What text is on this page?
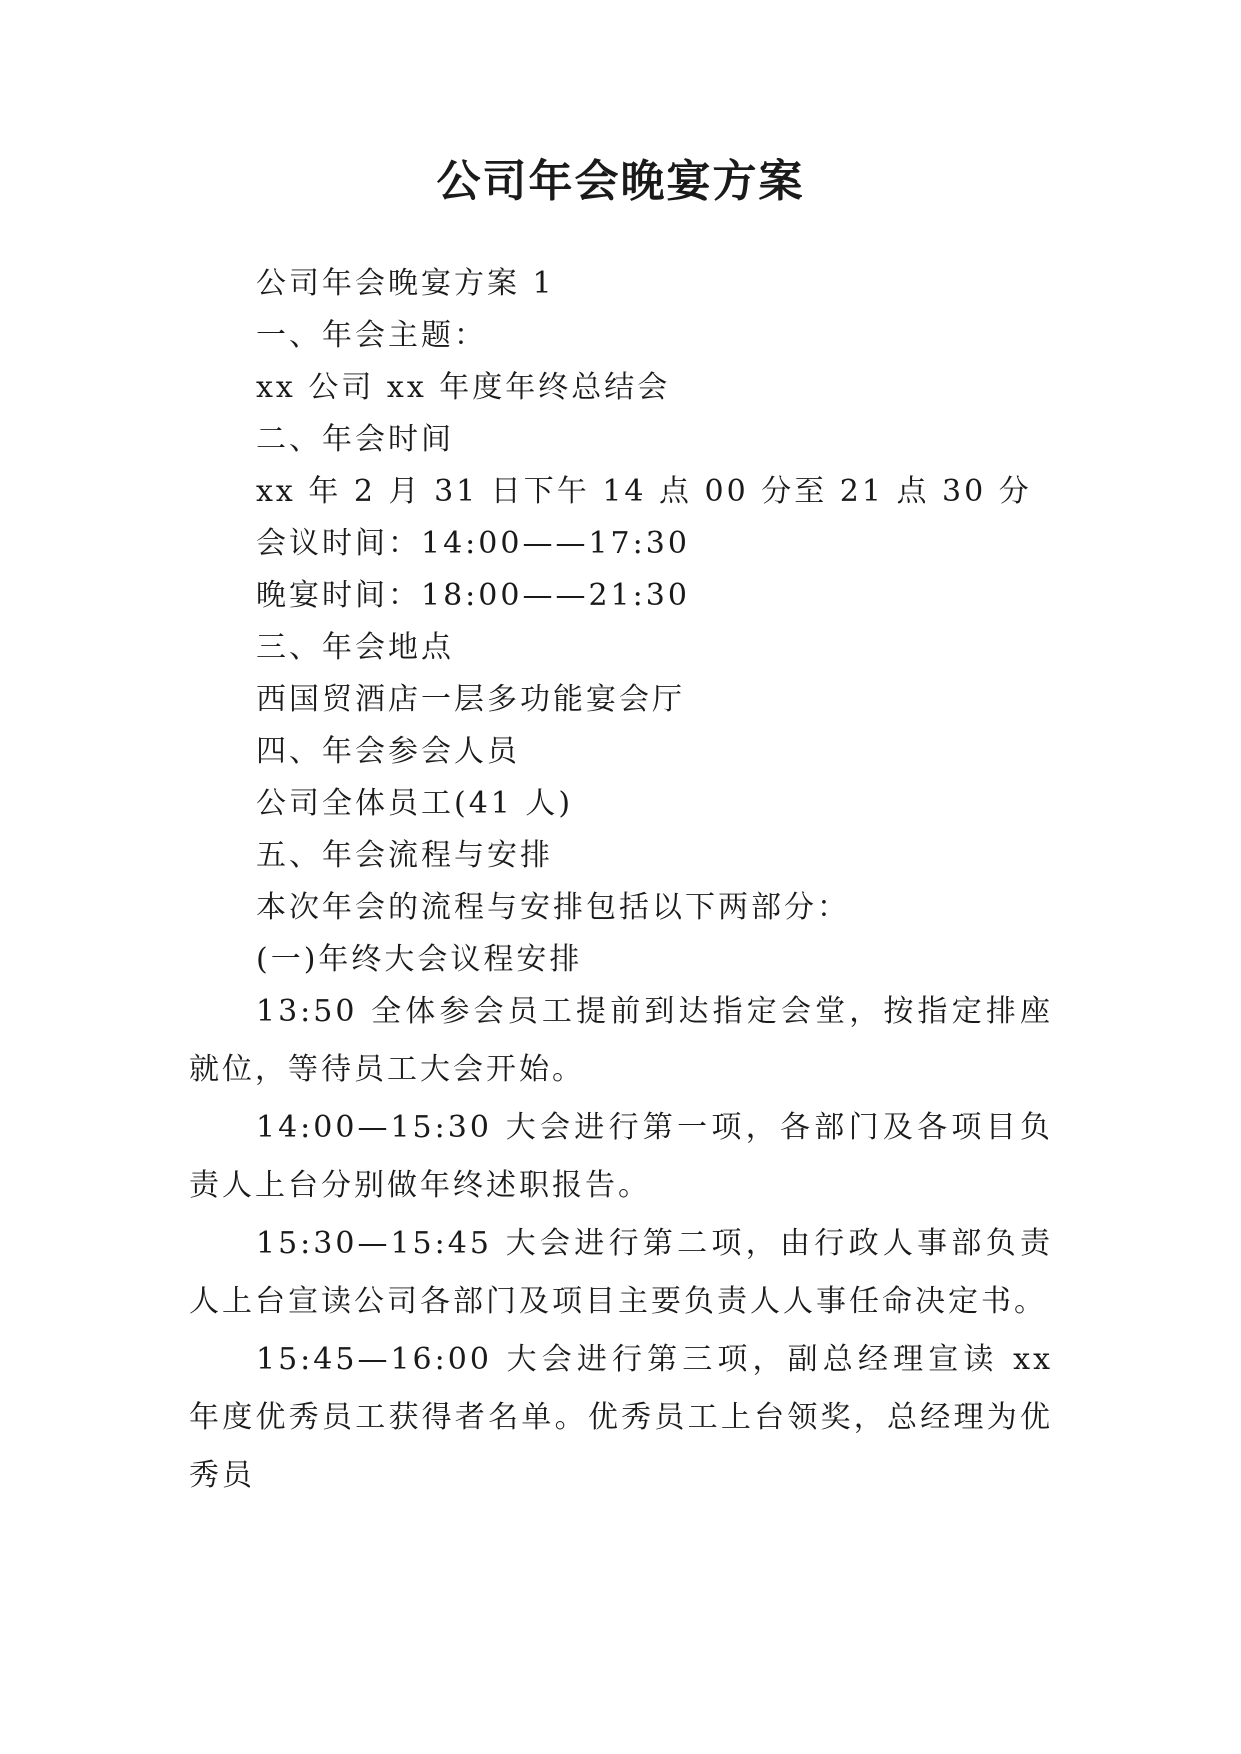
公司年会晚宴方案

公司年会晚宴方案 1

一、年会主题：

xx 公司 xx 年度年终总结会

二、年会时间

xx 年 2 月 31 日下午 14 点 00 分至 21 点 30 分

会议时间：14:00——17:30

晚宴时间：18:00——21:30

三、年会地点

西国贸酒店一层多功能宴会厅

四、年会参会人员

公司全体员工(41 人)

五、年会流程与安排

本次年会的流程与安排包括以下两部分：

(一)年终大会议程安排

13:50 全体参会员工提前到达指定会堂，按指定排座就位，等待员工大会开始。

14:00—15:30 大会进行第一项，各部门及各项目负责人上台分别做年终述职报告。

15:30—15:45 大会进行第二项，由行政人事部负责人上台宣读公司各部门及项目主要负责人人事任命决定书。

15:45—16:00 大会进行第三项，副总经理宣读 xx 年度优秀员工获得者名单。优秀员工上台领奖，总经理为优秀员
